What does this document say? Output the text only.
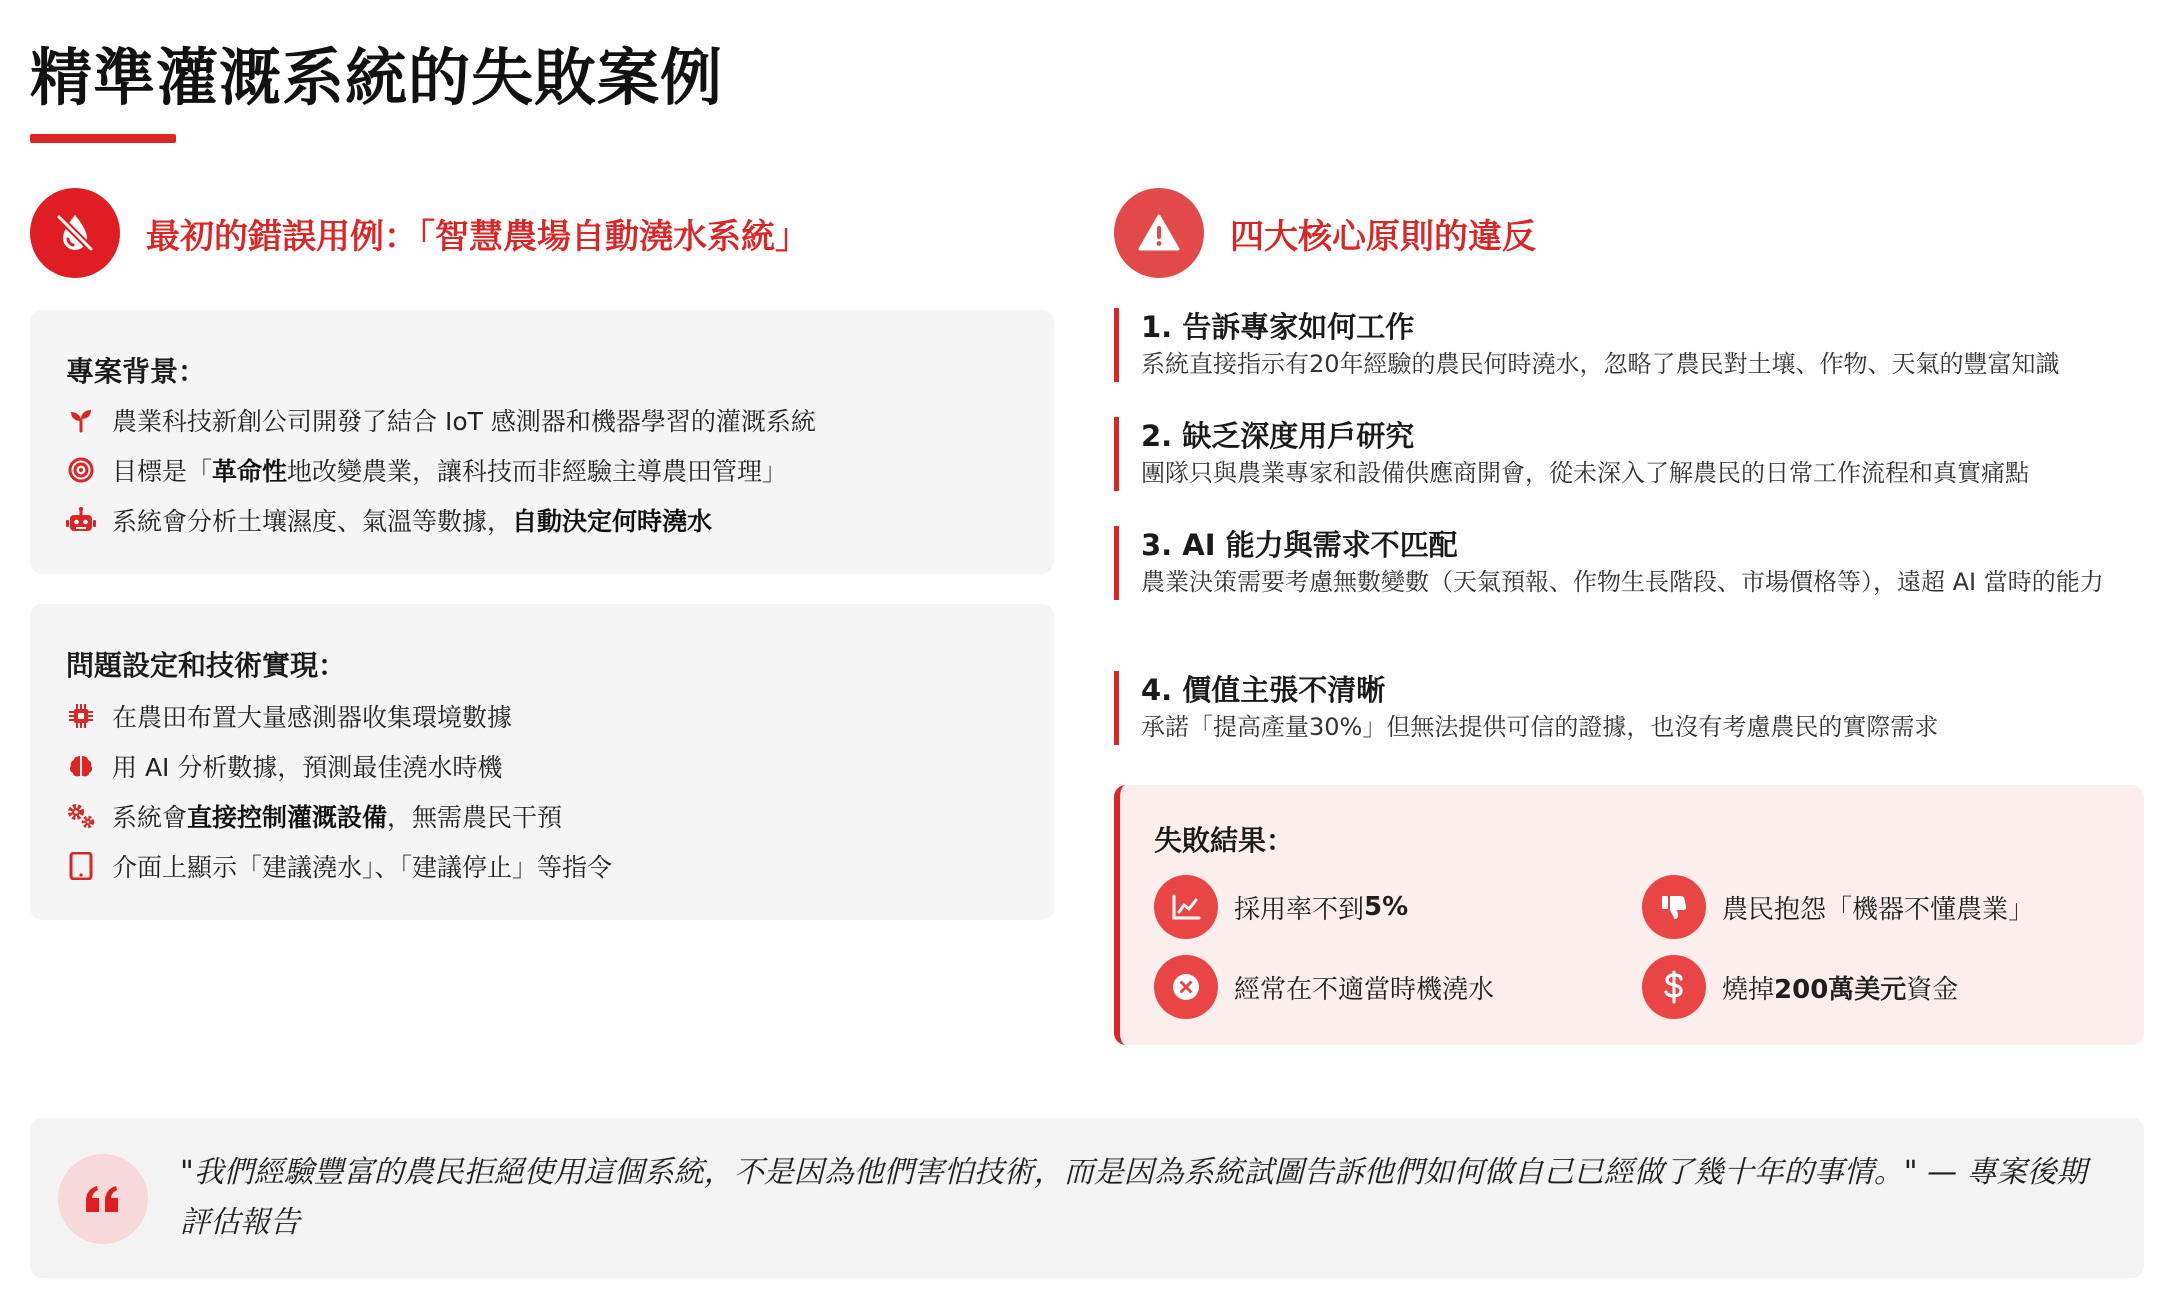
精準灌溉系統的失敗案例
最初的錯誤用例：「智慧農場自動澆水系統」
專案背景：
農業科技新創公司開發了結合 IoT 感測器和機器學習的灌溉系統
目標是「 革命性 地改變農業，讓科技而非經驗主導農田管理」
系統會分析土壤濕度、氣溫等數據， 自動決定何時澆水
問題設定和技術實現：
在農田布置大量感測器收集環境數據
用 AI 分析數據，預測最佳澆水時機
系統會 直接控制灌溉設備 ，無需農民干預
介面上顯示「建議澆水」、「建議停止」等指令
四大核心原則的違反
1. 告訴專家如何工作
系統直接指示有20年經驗的農民何時澆水，忽略了農民對土壤、作物、天氣的豐富知識
2. 缺乏深度用戶研究
團隊只與農業專家和設備供應商開會，從未深入了解農民的日常工作流程和真實痛點
3. AI 能力與需求不匹配
農業決策需要考慮無數變數（天氣預報、作物生長階段、市場價格等），遠超 AI 當時的能力
4. 價值主張不清晰
承諾「提高產量30%」但無法提供可信的證據，也沒有考慮農民的實際需求
失敗結果：
採用率不到 5%	農民抱怨「機器不懂農業」
經常在不適當時機澆水	燒掉 200萬美元 資金
"我們經驗豐富的農民拒絕使用這個系統，不是因為他們害怕技術，而是因為系統試圖告訴他們如何做自己已經做了幾十年的事情。" — 專案後期評估報告
